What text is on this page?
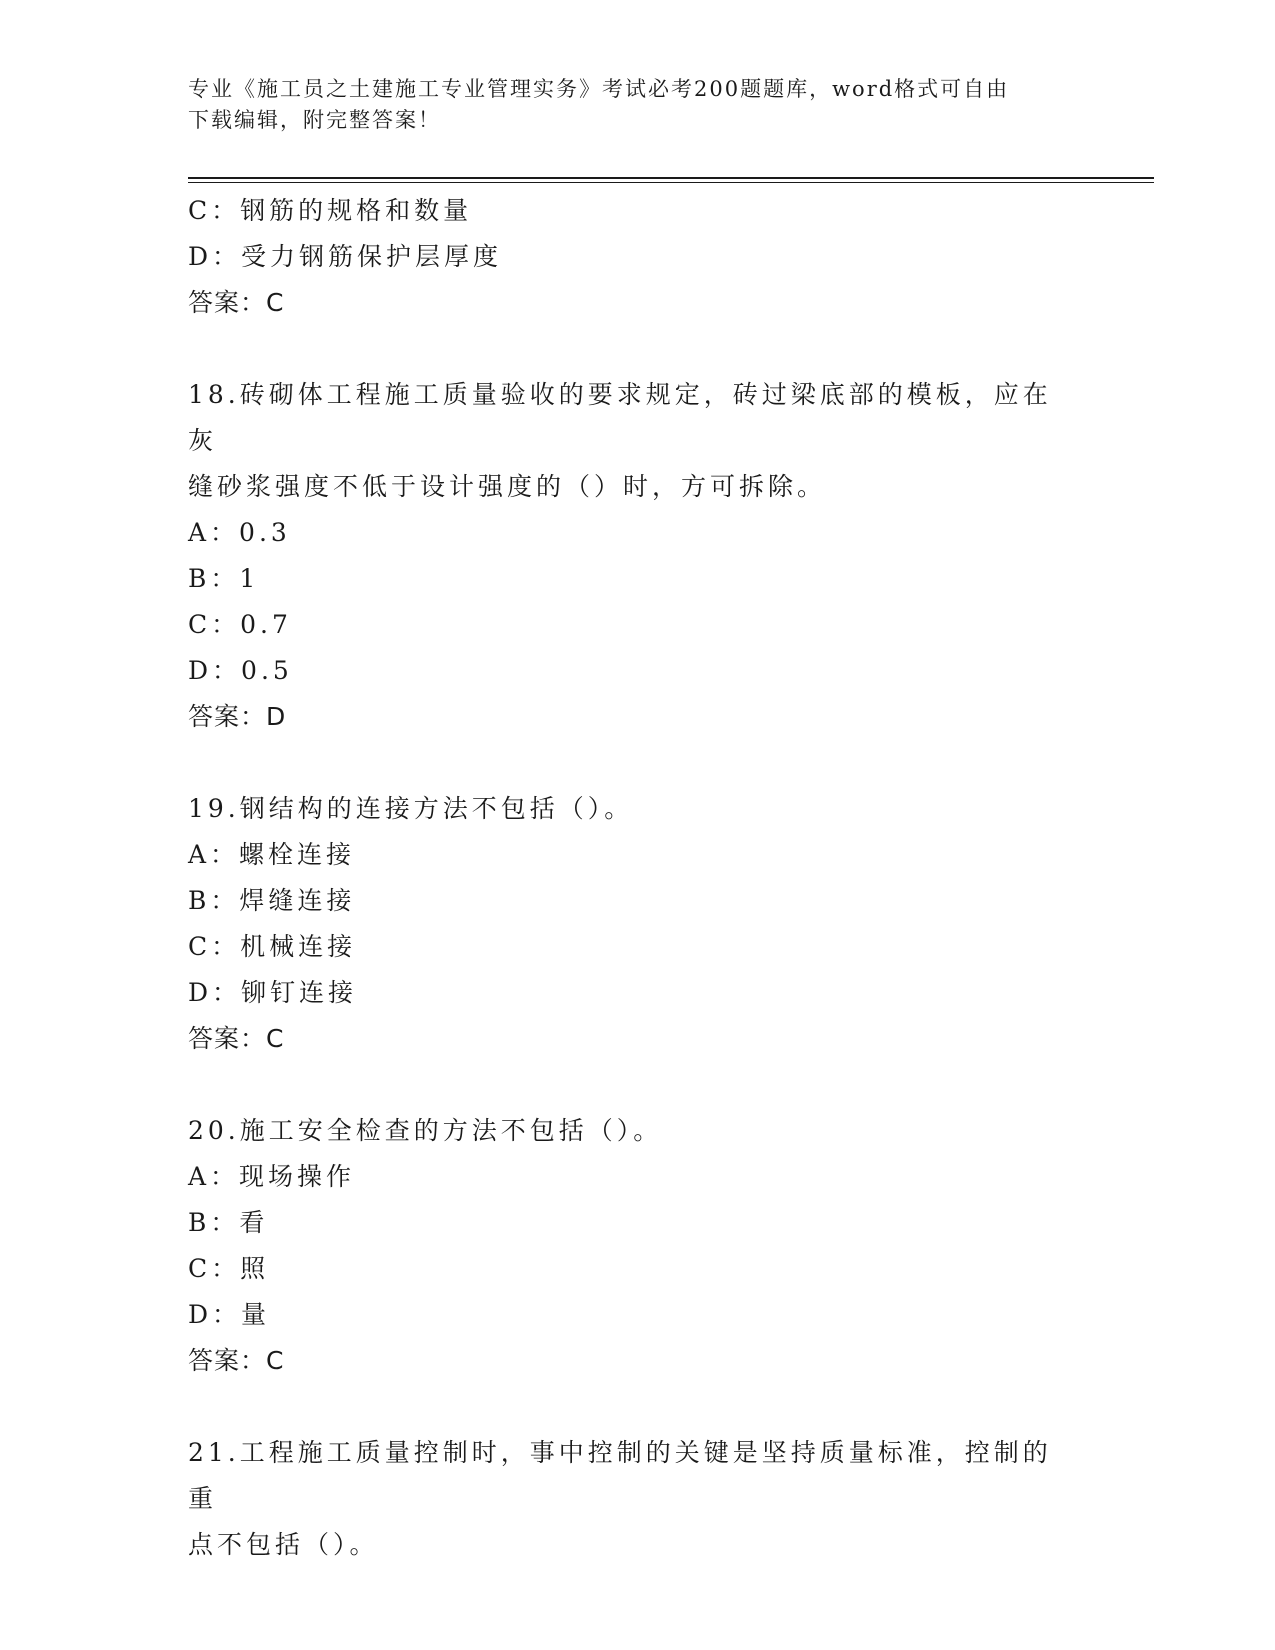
专业《施工员之土建施工专业管理实务》考试必考200题题库，word格式可自由
下载编辑，附完整答案！
C：钢筋的规格和数量
D：受力钢筋保护层厚度
答案：C
18.砖砌体工程施工质量验收的要求规定，砖过梁底部的模板，应在灰
缝砂浆强度不低于设计强度的（）时，方可拆除。
A：0.3
B：1
C：0.7
D：0.5
答案：D
19.钢结构的连接方法不包括（）。
A：螺栓连接
B：焊缝连接
C：机械连接
D：铆钉连接
答案：C
20.施工安全检查的方法不包括（）。
A：现场操作
B：看
C：照
D：量
答案：C
21.工程施工质量控制时，事中控制的关键是坚持质量标准，控制的重
点不包括（）。
